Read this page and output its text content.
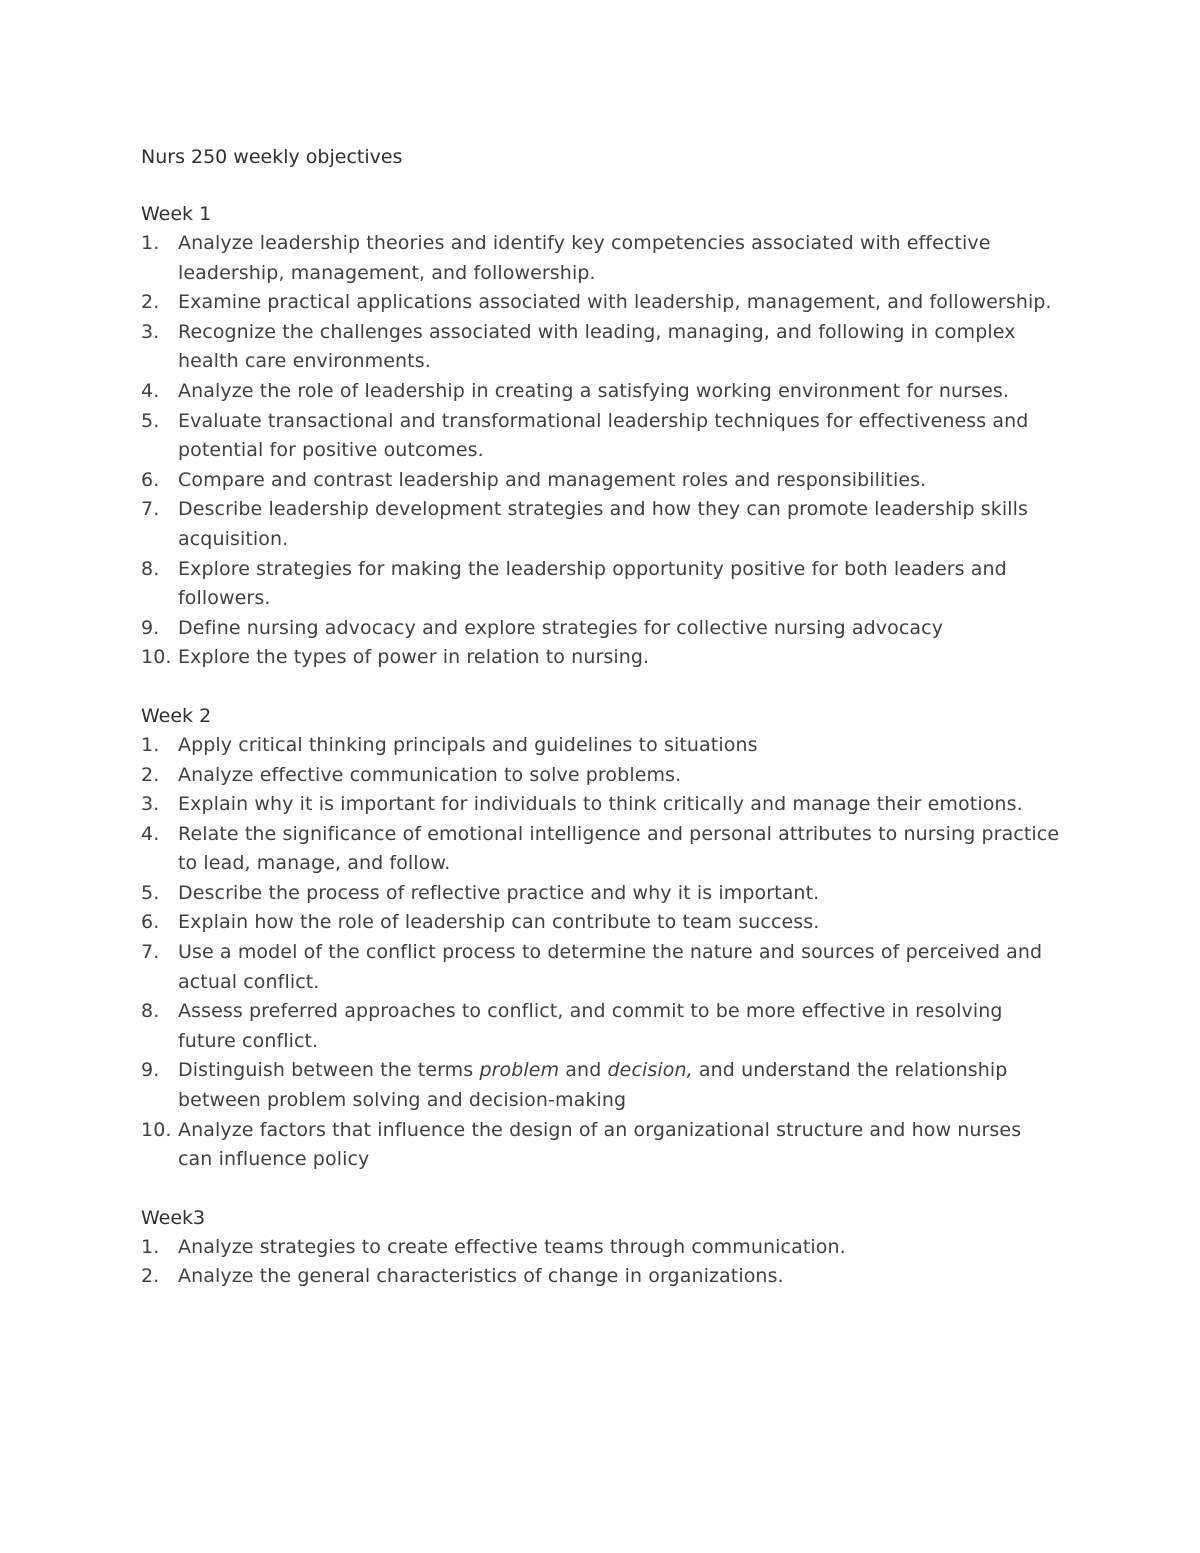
Nurs 250 weekly objectives
Week 1
1. Analyze leadership theories and identify key competencies associated with effective leadership, management, and followership.
2. Examine practical applications associated with leadership, management, and followership.
3. Recognize the challenges associated with leading, managing, and following in complex health care environments.
4. Analyze the role of leadership in creating a satisfying working environment for nurses.
5. Evaluate transactional and transformational leadership techniques for effectiveness and potential for positive outcomes.
6. Compare and contrast leadership and management roles and responsibilities.
7. Describe leadership development strategies and how they can promote leadership skills acquisition.
8. Explore strategies for making the leadership opportunity positive for both leaders and followers.
9. Define nursing advocacy and explore strategies for collective nursing advocacy
10. Explore the types of power in relation to nursing.
Week 2
1. Apply critical thinking principals and guidelines to situations
2. Analyze effective communication to solve problems.
3. Explain why it is important for individuals to think critically and manage their emotions.
4. Relate the significance of emotional intelligence and personal attributes to nursing practice to lead, manage, and follow.
5. Describe the process of reflective practice and why it is important.
6. Explain how the role of leadership can contribute to team success.
7. Use a model of the conflict process to determine the nature and sources of perceived and actual conflict.
8. Assess preferred approaches to conflict, and commit to be more effective in resolving future conflict.
9. Distinguish between the terms problem and decision, and understand the relationship between problem solving and decision-making
10. Analyze factors that influence the design of an organizational structure and how nurses can influence policy
Week3
1. Analyze strategies to create effective teams through communication.
2. Analyze the general characteristics of change in organizations.
